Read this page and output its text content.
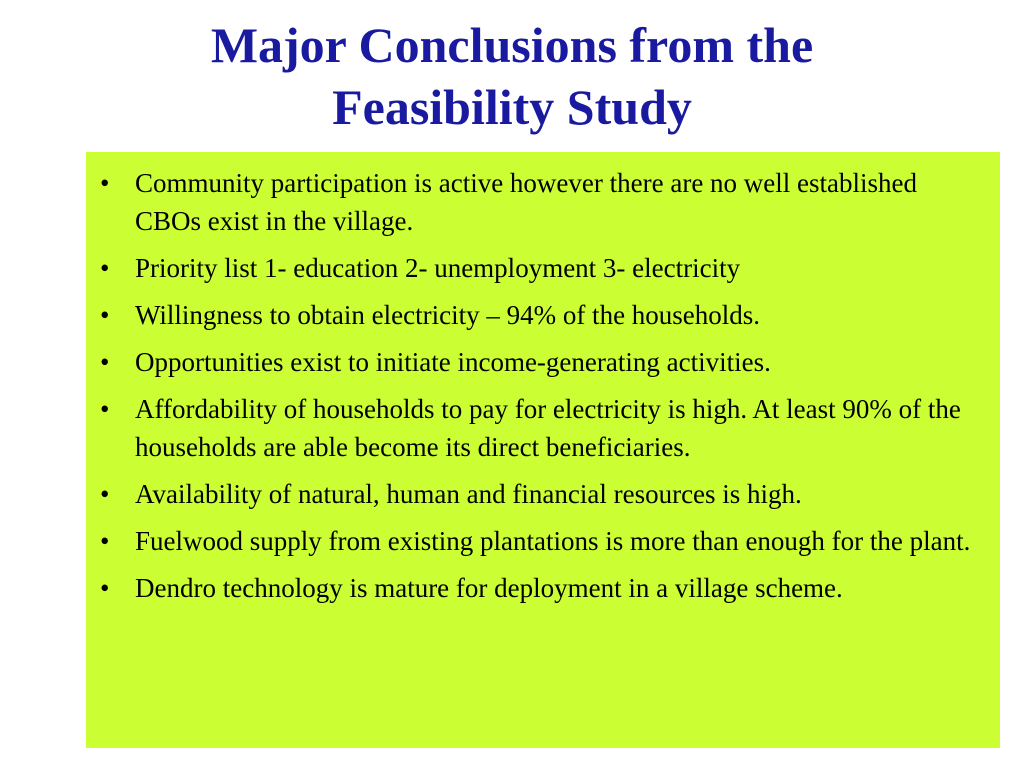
Major Conclusions from the
Feasibility Study
• Community participation is active however there are no well established CBOs exist in the village.
• Priority list 1- education 2- unemployment 3- electricity
• Willingness to obtain electricity – 94% of the households.
• Opportunities exist to initiate income-generating activities.
• Affordability of households to pay for electricity is high. At least 90% of the households are able become its direct beneficiaries.
• Availability of natural, human and financial resources is high.
• Fuelwood supply from existing plantations is more than enough for the plant.
• Dendro technology is mature for deployment in a village scheme.
